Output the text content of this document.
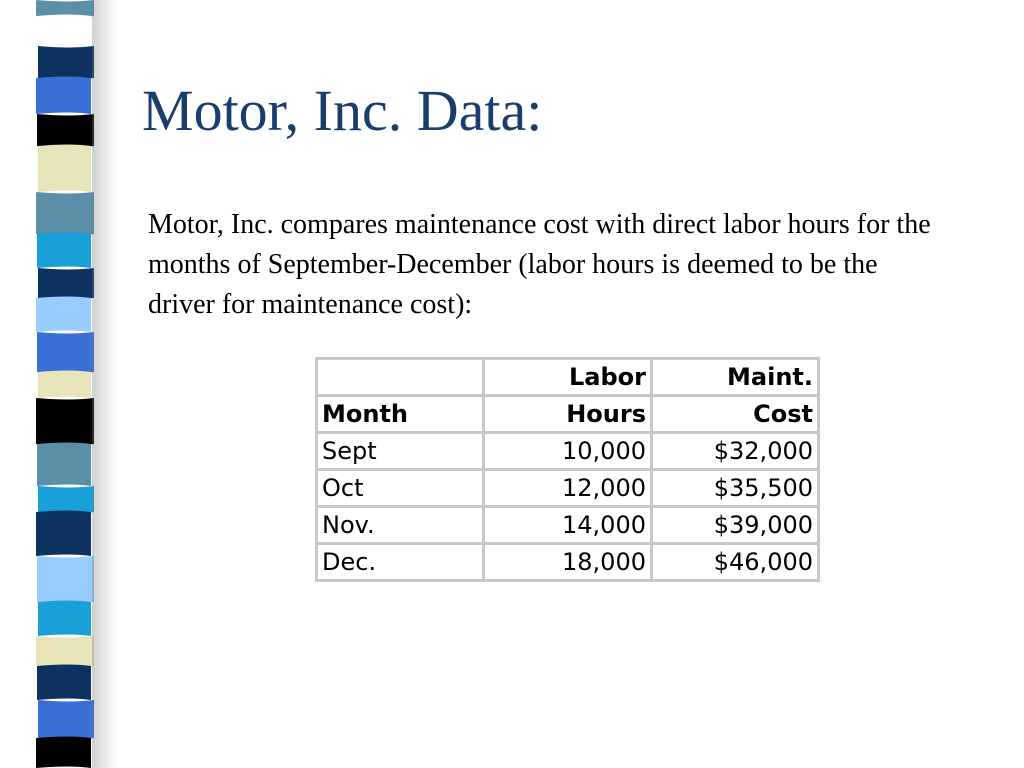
Motor, Inc. Data:

Motor, Inc. compares maintenance cost with direct labor hours for the months of September-December (labor hours is deemed to be the driver for maintenance cost):

	Labor	Maint.
Month	Hours	Cost
Sept	10,000	$32,000
Oct	12,000	$35,500
Nov.	14,000	$39,000
Dec.	18,000	$46,000
